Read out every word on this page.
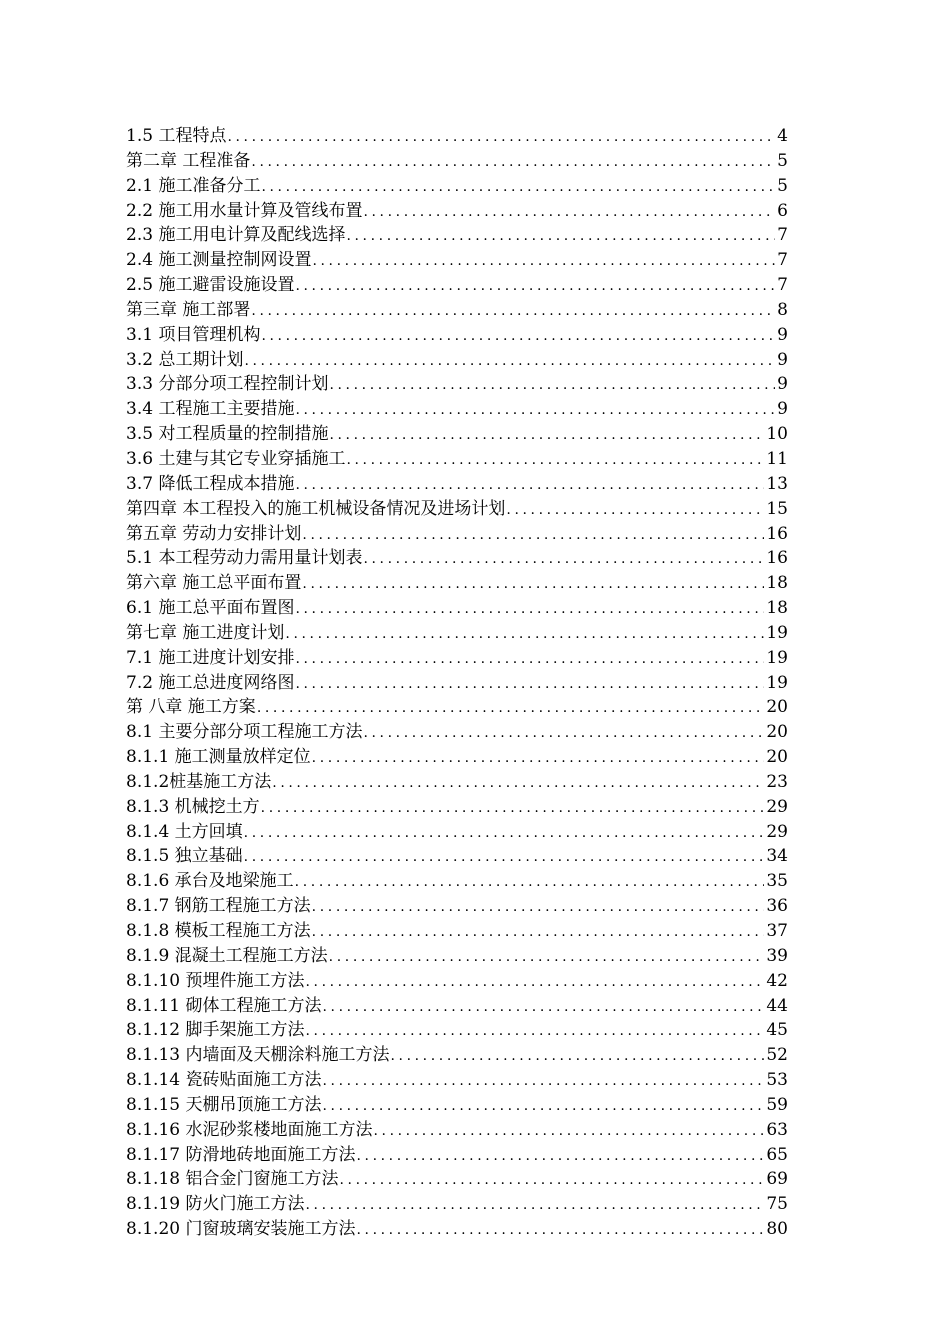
1.5 工程特点 .....	4
第二章 工程准备 .....	5
2.1 施工准备分工 .....	5
2.2 施工用水量计算及管线布置 .....	6
2.3 施工用电计算及配线选择 .....	7
2.4 施工测量控制网设置 .....	7
2.5 施工避雷设施设置 .....	7
第三章 施工部署 .....	8
3.1 项目管理机构 .....	9
3.2 总工期计划 .....	9
3.3 分部分项工程控制计划 .....	9
3.4 工程施工主要措施 .....	9
3.5 对工程质量的控制措施 .....	10
3.6 土建与其它专业穿插施工 .....	11
3.7 降低工程成本措施 .....	13
第四章 本工程投入的施工机械设备情况及进场计划 .....	15
第五章 劳动力安排计划 .....	16
5.1 本工程劳动力需用量计划表 .....	16
第六章 施工总平面布置 .....	18
6.1 施工总平面布置图 .....	18
第七章 施工进度计划 .....	19
7.1 施工进度计划安排 .....	19
7.2 施工总进度网络图 .....	19
第 八章 施工方案 .....	20
8.1 主要分部分项工程施工方法 .....	20
8.1.1 施工测量放样定位 .....	20
8.1.2桩基施工方法 .....	23
8.1.3 机械挖土方 .....	29
8.1.4 土方回填 .....	29
8.1.5 独立基础 .....	34
8.1.6 承台及地梁施工 .....	35
8.1.7 钢筋工程施工方法 .....	36
8.1.8 模板工程施工方法 .....	37
8.1.9 混凝土工程施工方法 .....	39
8.1.10 预埋件施工方法 .....	42
8.1.11 砌体工程施工方法 .....	44
8.1.12 脚手架施工方法 .....	45
8.1.13 内墙面及天棚涂料施工方法 .....	52
8.1.14 瓷砖贴面施工方法 .....	53
8.1.15 天棚吊顶施工方法 .....	59
8.1.16 水泥砂浆楼地面施工方法 .....	63
8.1.17 防滑地砖地面施工方法 .....	65
8.1.18 铝合金门窗施工方法 .....	69
8.1.19 防火门施工方法 .....	75
8.1.20 门窗玻璃安装施工方法 .....	80
